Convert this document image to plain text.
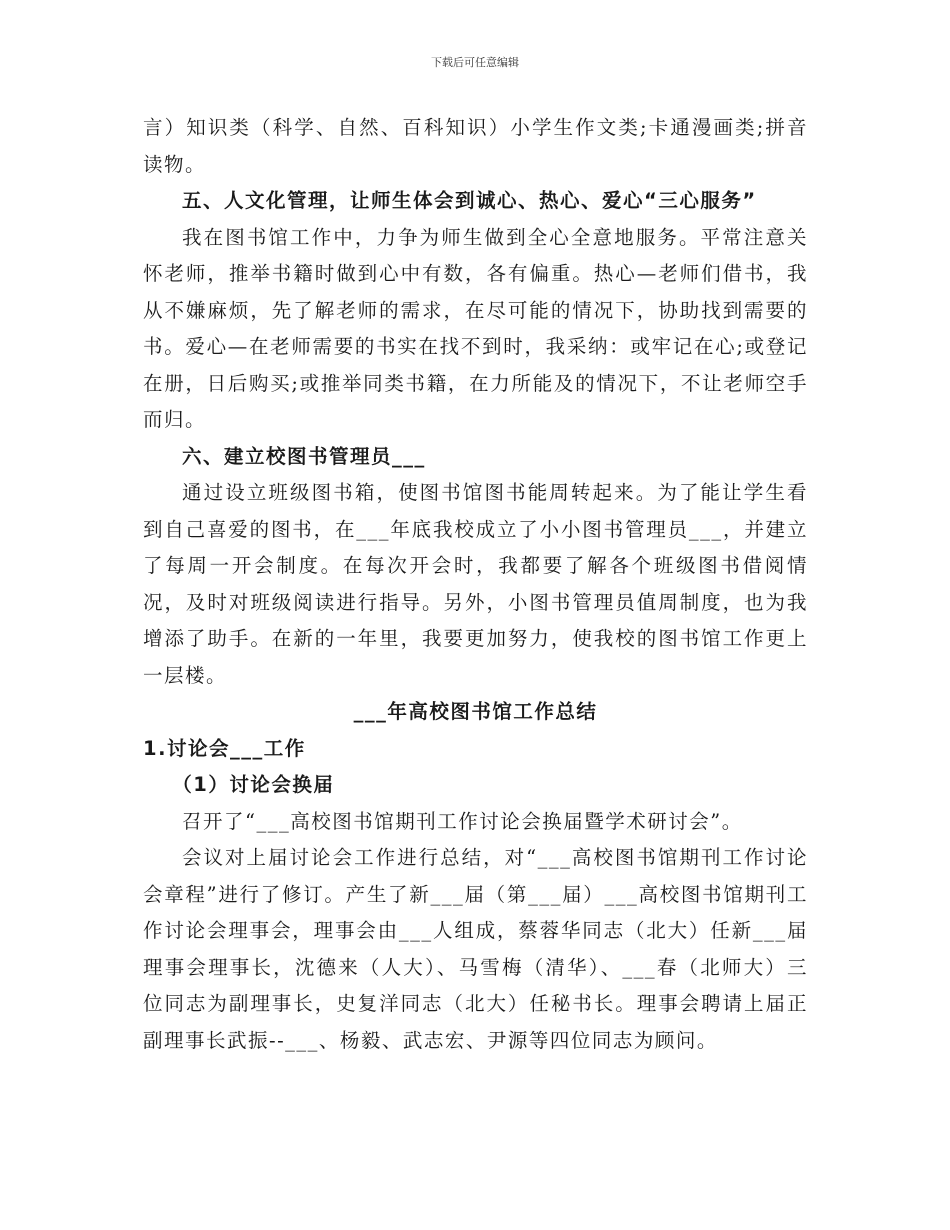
下载后可任意编辑

言）知识类（科学、自然、百科知识）小学生作文类;卡通漫画类;拼音读物。

五、人文化管理，让师生体会到诚心、热心、爱心“三心服务”

我在图书馆工作中，力争为师生做到全心全意地服务。平常注意关怀老师，推举书籍时做到心中有数，各有偏重。热心—老师们借书，我从不嫌麻烦，先了解老师的需求，在尽可能的情况下，协助找到需要的书。爱心—在老师需要的书实在找不到时，我采纳：或牢记在心;或登记在册，日后购买;或推举同类书籍，在力所能及的情况下，不让老师空手而归。

六、建立校图书管理员___

通过设立班级图书箱，使图书馆图书能周转起来。为了能让学生看到自己喜爱的图书，在___年底我校成立了小小图书管理员___，并建立了每周一开会制度。在每次开会时，我都要了解各个班级图书借阅情况，及时对班级阅读进行指导。另外，小图书管理员值周制度，也为我增添了助手。在新的一年里，我要更加努力，使我校的图书馆工作更上一层楼。

___年高校图书馆工作总结

1.讨论会___工作

（1）讨论会换届

召开了“___高校图书馆期刊工作讨论会换届暨学术研讨会”。

会议对上届讨论会工作进行总结，对“___高校图书馆期刊工作讨论会章程”进行了修订。产生了新___届（第___届）___高校图书馆期刊工作讨论会理事会，理事会由___人组成，蔡蓉华同志（北大）任新___届理事会理事长，沈德来（人大）、马雪梅（清华）、___春（北师大）三位同志为副理事长，史复洋同志（北大）任秘书长。理事会聘请上届正副理事长武振--___、杨毅、武志宏、尹源等四位同志为顾问。
